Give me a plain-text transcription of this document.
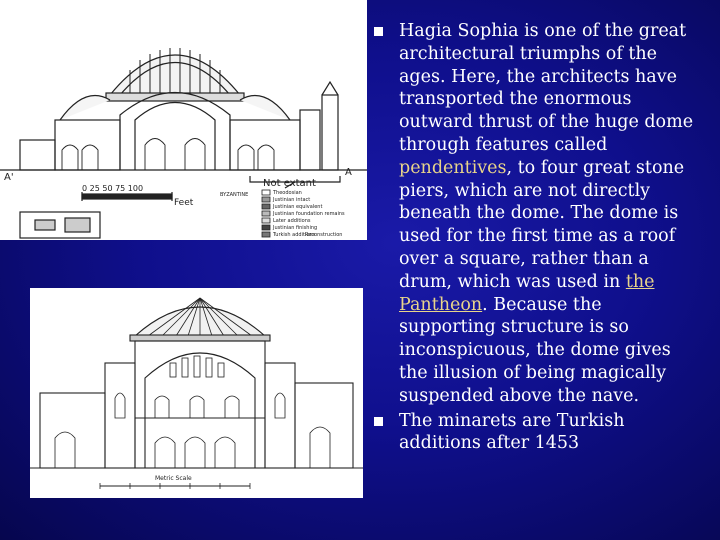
A'	A
Not extant
0 25 50 75 100
Feet
BYZANTINE	Theodosian
Justinian intact
Justinian equivalent
Justinian foundation remains
Later additions
Justinian finishing
Turkish additions
Reconstruction
Metric Scale

Hagia Sophia is one of the great architectural triumphs of the ages. Here, the architects have transported the enormous outward thrust of the huge dome through features called pendentives, to four great stone piers, which are not directly beneath the dome. The dome is used for the first time as a roof over a square, rather than a drum, which was used in the Pantheon. Because the supporting structure is so inconspicuous, the dome gives the illusion of being magically suspended above the nave.

The minarets are Turkish additions after 1453
